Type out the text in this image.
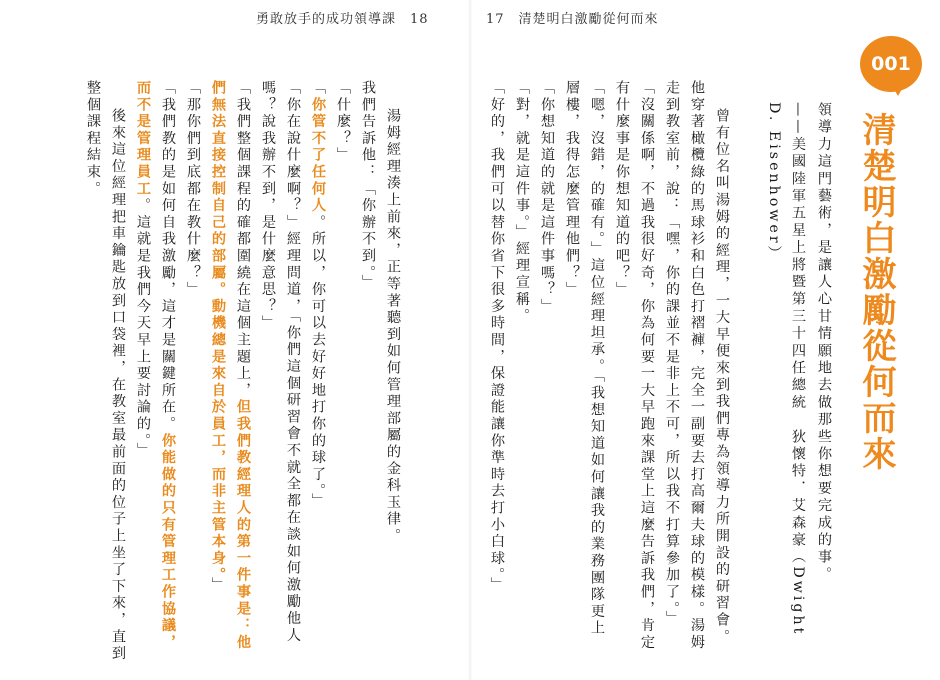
勇敢放手的成功領導課 18	17 清楚明白激勵從何而來
001
清楚明白激勵從何而來

領導力這門藝術，是讓人心甘情願地去做那些你想要完成的事。

——美國陸軍五星上將暨第三十四任總統　狄懷特．艾森豪（Dwight D. Eisenhower）

曾有位名叫湯姆的經理，一大早便來到我們專為領導力所開設的研習會。他穿著橄欖綠的馬球衫和白色打褶褲，完全一副要去打高爾夫球的模樣。湯姆走到教室前，說：「嘿，你的課並不是非上不可，所以我不打算參加了。」

「沒關係啊，不過我很好奇，你為何要一大早跑來課堂上這麼告訴我們，肯定有什麼事是你想知道的吧？」

「嗯，沒錯，的確有。」這位經理坦承。「我想知道如何讓我的業務團隊更上層樓，我得怎麼管理他們？」

「你想知道的就是這件事嗎？」

「對，就是這件事。」經理宣稱。

「好的，我們可以替你省下很多時間，保證能讓你準時去打小白球。」

湯姆經理湊上前來，正等著聽到如何管理部屬的金科玉律。

我們告訴他：「你辦不到。」

「什麼？」

「你管不了任何人。所以，你可以去好好地打你的球了。」

「你在說什麼啊？」經理問道，「你們這個研習會不就全都在談如何激勵他人嗎？說我辦不到，是什麼意思？」

「我們整個課程的確都圍繞在這個主題上，但我們教經理人的第一件事是：他們無法直接控制自己的部屬。動機總是來自於員工，而非主管本身。」

「那你們到底都在教什麼？」

「我們教的是如何自我激勵，這才是關鍵所在。你能做的只有管理工作協議，而不是管理員工。這就是我們今天早上要討論的。」

後來這位經理把車鑰匙放到口袋裡，在教室最前面的位子上坐了下來，直到整個課程結束。
